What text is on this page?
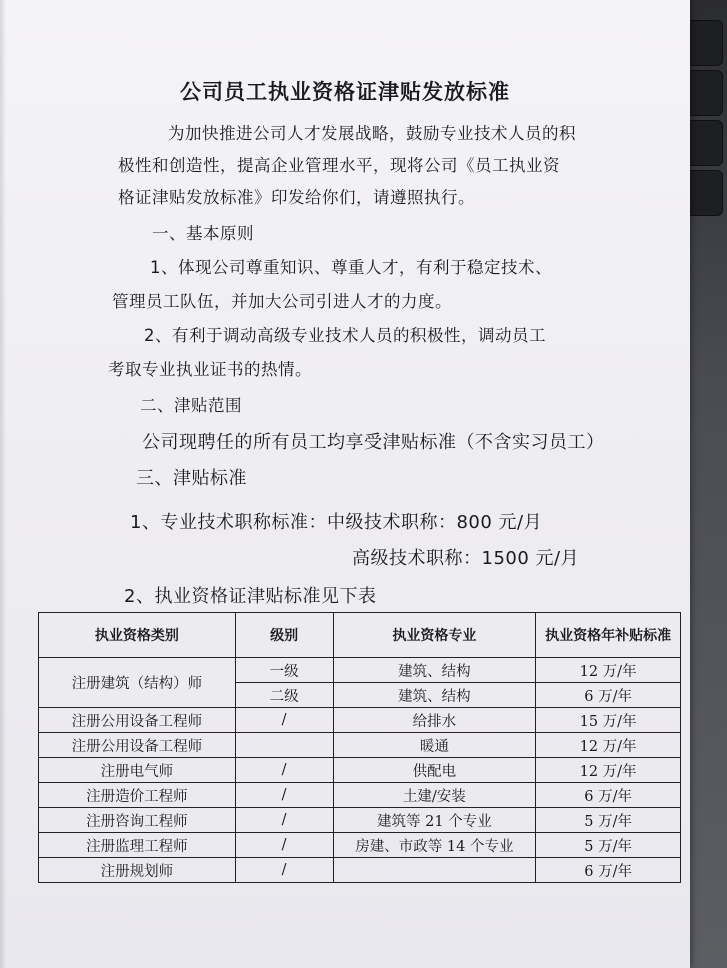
公司员工执业资格证津贴发放标准
为加快推进公司人才发展战略，鼓励专业技术人员的积
极性和创造性，提高企业管理水平，现将公司《员工执业资
格证津贴发放标准》印发给你们，请遵照执行。
一、基本原则
1、体现公司尊重知识、尊重人才，有利于稳定技术、
管理员工队伍，并加大公司引进人才的力度。
2、有利于调动高级专业技术人员的积极性，调动员工
考取专业执业证书的热情。
二、津贴范围
公司现聘任的所有员工均享受津贴标准（不含实习员工）
三、津贴标准
1、专业技术职称标准：中级技术职称：800 元/月
高级技术职称：1500 元/月
2、执业资格证津贴标准见下表
执业资格类别	级别	执业资格专业	执业资格年补贴标准
注册建筑（结构）师	一级	建筑、结构	12 万/年
	二级	建筑、结构	6 万/年
注册公用设备工程师	/	给排水	15 万/年
注册公用设备工程师		暖通	12 万/年
注册电气师	/	供配电	12 万/年
注册造价工程师	/	土建/安装	6 万/年
注册咨询工程师	/	建筑等 21 个专业	5 万/年
注册监理工程师	/	房建、市政等 14 个专业	5 万/年
注册规划师	/		6 万/年
